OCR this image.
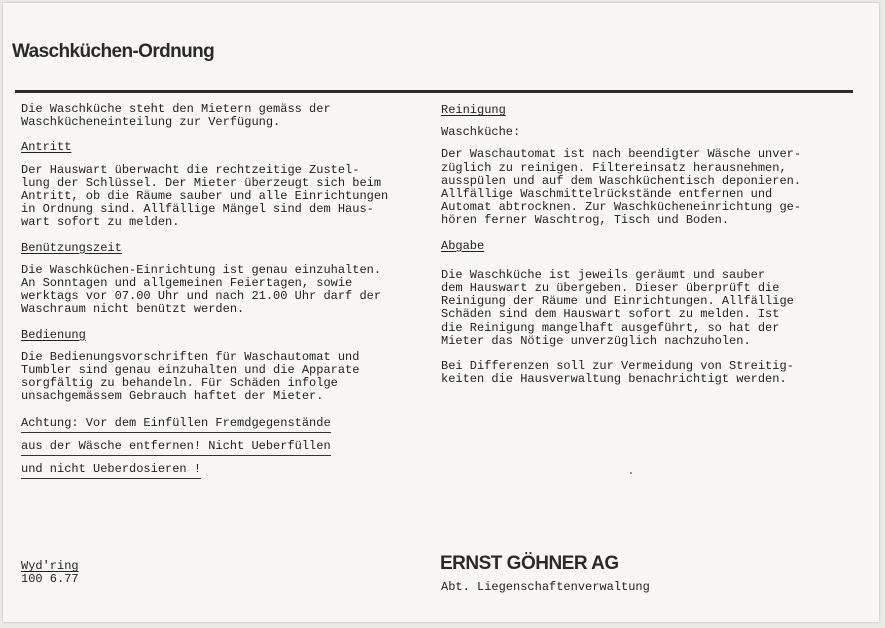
Waschküchen-Ordnung

Die Waschküche steht den Mietern gemäss der
Waschkücheneinteilung zur Verfügung.

Antritt

Der Hauswart überwacht die rechtzeitige Zustel-
lung der Schlüssel. Der Mieter überzeugt sich beim
Antritt, ob die Räume sauber und alle Einrichtungen
in Ordnung sind. Allfällige Mängel sind dem Haus-
wart sofort zu melden.

Benützungszeit

Die Waschküchen-Einrichtung ist genau einzuhalten.
An Sonntagen und allgemeinen Feiertagen, sowie
werktags vor 07.00 Uhr und nach 21.00 Uhr darf der
Waschraum nicht benützt werden.

Bedienung

Die Bedienungsvorschriften für Waschautomat und
Tumbler sind genau einzuhalten und die Apparate
sorgfältig zu behandeln. Für Schäden infolge
unsachgemässem Gebrauch haftet der Mieter.

Achtung: Vor dem Einfüllen Fremdgegenstände
aus der Wäsche entfernen! Nicht Ueberfüllen
und nicht Ueberdosieren !

Reinigung

Waschküche:

Der Waschautomat ist nach beendigter Wäsche unver-
züglich zu reinigen. Filtereinsatz herausnehmen,
ausspülen und auf dem Waschküchentisch deponieren.
Allfällige Waschmittelrückstände entfernen und
Automat abtrocknen. Zur Waschkücheneinrichtung ge-
hören ferner Waschtrog, Tisch und Boden.

Abgabe

Die Waschküche ist jeweils geräumt und sauber
dem Hauswart zu übergeben. Dieser überprüft die
Reinigung der Räume und Einrichtungen. Allfällige
Schäden sind dem Hauswart sofort zu melden. Ist
die Reinigung mangelhaft ausgeführt, so hat der
Mieter das Nötige unverzüglich nachzuholen.

Bei Differenzen soll zur Vermeidung von Streitig-
keiten die Hausverwaltung benachrichtigt werden.

Wyd'ring
100 6.77
ERNST GÖHNER AG
Abt. Liegenschaftenverwaltung
